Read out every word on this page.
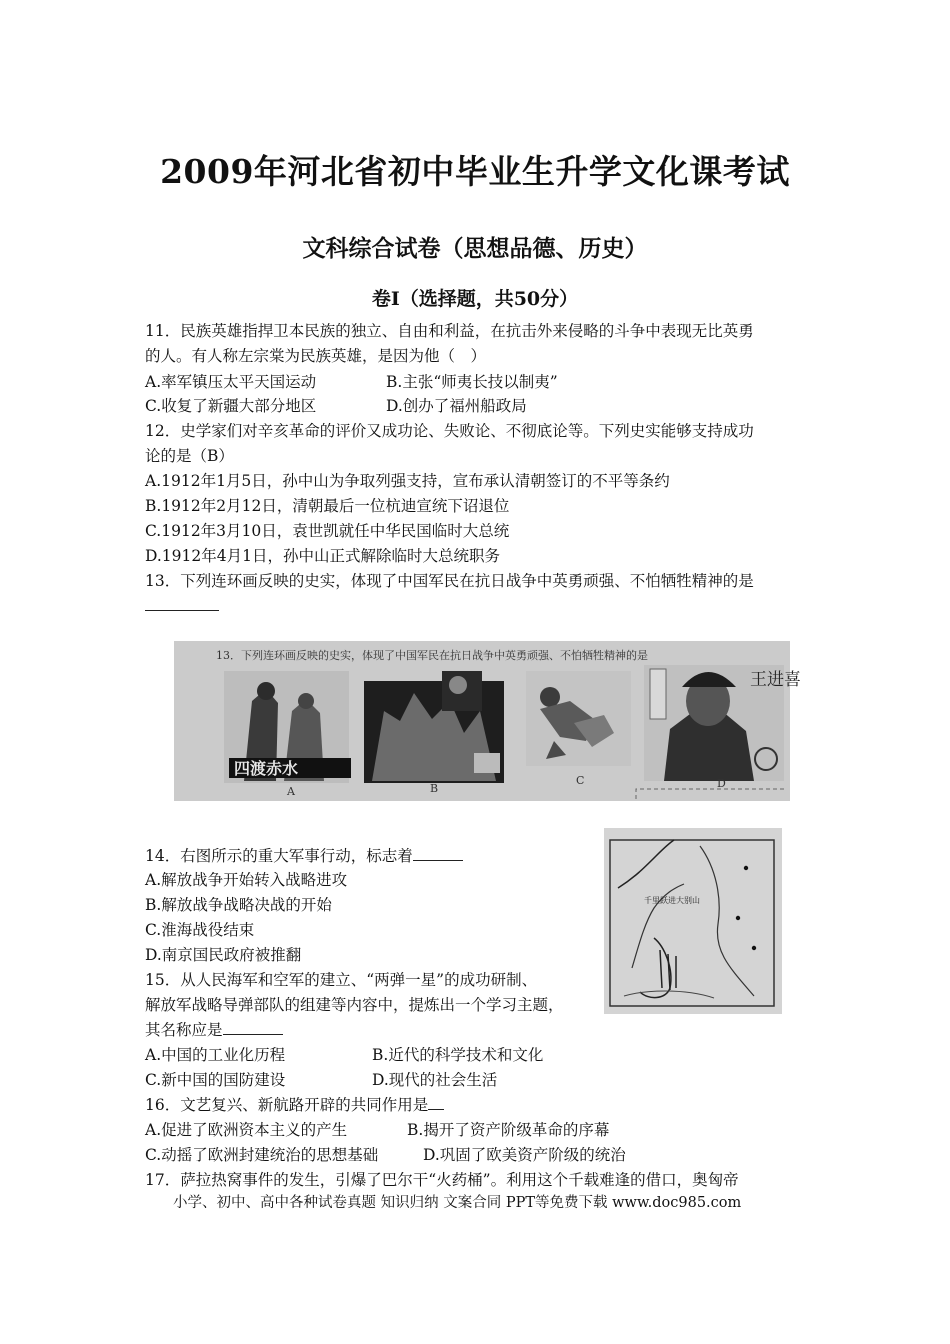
2009年河北省初中毕业生升学文化课考试
文科综合试卷（思想品德、历史）
卷Ⅰ（选择题，共50分）
11．民族英雄指捍卫本民族的独立、自由和利益，在抗击外来侵略的斗争中表现无比英勇
的人。有人称左宗棠为民族英雄，是因为他（　）
A.率军镇压太平天国运动	B.主张“师夷长技以制夷”
C.收复了新疆大部分地区	D.创办了福州船政局
12．史学家们对辛亥革命的评价又成功论、失败论、不彻底论等。下列史实能够支持成功
论的是（B）
A.1912年1月5日，孙中山为争取列强支持，宣布承认清朝签订的不平等条约
B.1912年2月12日，清朝最后一位杭迪宣统下诏退位
C.1912年3月10日，袁世凯就任中华民国临时大总统
D.1912年4月1日，孙中山正式解除临时大总统职务
13．下列连环画反映的史实，体现了中国军民在抗日战争中英勇顽强、不怕牺牲精神的是
13．下列连环画反映的史实，体现了中国军民在抗日战争中英勇顽强、不怕牺牲精神的是
四渡赤水
王进喜
A	B
C	D
14．右图所示的重大军事行动，标志着
A.解放战争开始转入战略进攻
B.解放战争战略决战的开始
C.淮海战役结束
D.南京国民政府被推翻
千里跃进大别山
15．从人民海军和空军的建立、“两弹一星”的成功研制、
解放军战略导弹部队的组建等内容中，提炼出一个学习主题，
其名称应是
A.中国的工业化历程	B.近代的科学技术和文化
C.新中国的国防建设	D.现代的社会生活
16．文艺复兴、新航路开辟的共同作用是
A.促进了欧洲资本主义的产生	B.揭开了资产阶级革命的序幕
C.动摇了欧洲封建统治的思想基础	D.巩固了欧美资产阶级的统治
17．萨拉热窝事件的发生，引爆了巴尔干“火药桶”。利用这个千载难逢的借口，奥匈帝
小学、初中、高中各种试卷真题 知识归纳 文案合同 PPT等免费下载 www.doc985.com
